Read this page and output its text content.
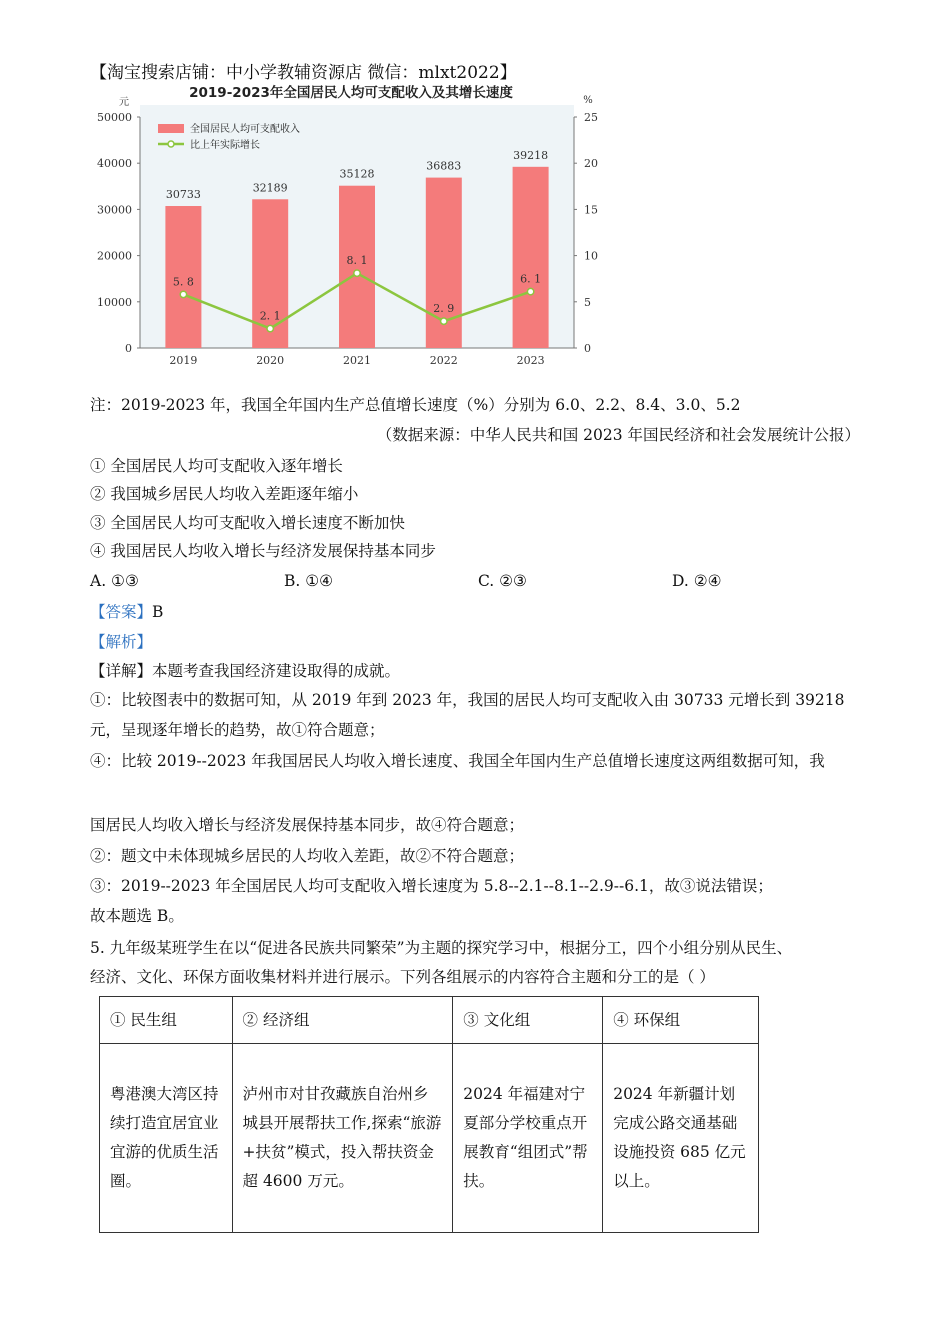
【淘宝搜索店铺：中小学教辅资源店 微信：mlxt2022】
2019-2023年全国居民人均可支配收入及其增长速度
元	%
30733
32189
35128
36883
39218
5. 8
2. 1
8. 1
2. 9
6. 1
0
10000
20000
30000
40000
50000
0
5
10
15
20
25
2019	2020	2021	2022	2023
全国居民人均可支配收入
比上年实际增长
注：2019-2023 年，我国全年国内生产总值增长速度（%）分别为 6.0、2.2、8.4、3.0、5.2
（数据来源：中华人民共和国 2023 年国民经济和社会发展统计公报）
① 全国居民人均可支配收入逐年增长
② 我国城乡居民人均收入差距逐年缩小
③ 全国居民人均可支配收入增长速度不断加快
④ 我国居民人均收入增长与经济发展保持基本同步
A. ①③	B. ①④	C. ②③	D. ②④
【答案】B
【解析】
【详解】本题考查我国经济建设取得的成就。
①：比较图表中的数据可知，从 2019 年到 2023 年，我国的居民人均可支配收入由 30733 元增长到 39218
元，呈现逐年增长的趋势，故①符合题意；
④：比较 2019--2023 年我国居民人均收入增长速度、我国全年国内生产总值增长速度这两组数据可知，我
国居民人均收入增长与经济发展保持基本同步，故④符合题意；
②：题文中未体现城乡居民的人均收入差距，故②不符合题意；
③：2019--2023 年全国居民人均可支配收入增长速度为 5.8--2.1--8.1--2.9--6.1，故③说法错误；
故本题选 B。
5. 九年级某班学生在以“促进各民族共同繁荣”为主题的探究学习中，根据分工，四个小组分别从民生、
经济、文化、环保方面收集材料并进行展示。下列各组展示的内容符合主题和分工的是（ ）
① 民生组	② 经济组	③ 文化组	④ 环保组
粤港澳大湾区持续打造宜居宜业宜游的优质生活圈。	泸州市对甘孜藏族自治州乡城县开展帮扶工作,探索“旅游+扶贫”模式，投入帮扶资金超 4600 万元。	2024 年福建对宁夏部分学校重点开展教育“组团式”帮扶。	2024 年新疆计划完成公路交通基础设施投资 685 亿元以上。
